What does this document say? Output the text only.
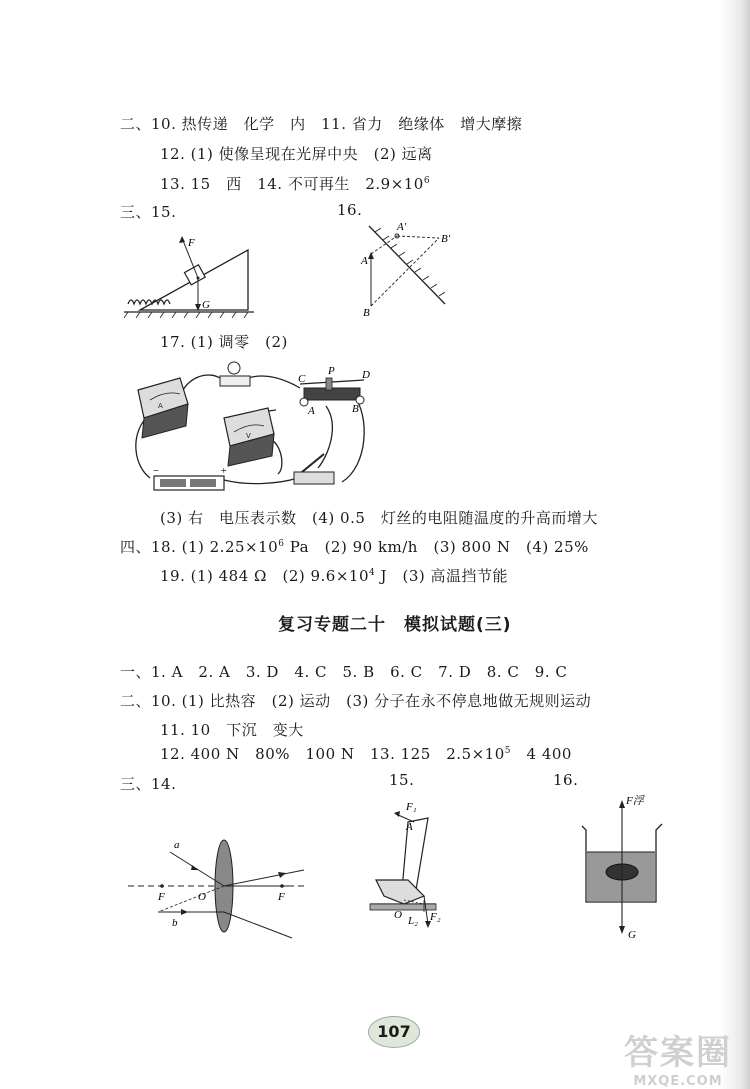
二、10. 热传递　化学　内　11. 省力　绝缘体　增大摩擦
12. (1) 使像呈现在光屏中央　(2) 远离
13. 15　西　14. 不可再生　$2.9\times 10^6$
三、15.	16.
F
G
A′
B′
A
B
17. (1) 调零　(2)
A
V
C
P D
A	B
−	+
(3) 右　电压表示数　(4) 0.5　灯丝的电阻随温度的升高而增大
四、18. (1) $2.25\times 10^6$ Pa　(2) 90 km/h　(3) 800 N　(4) 25%
19. (1) 484 Ω　(2) $9.6\times 10^4$ J　(3) 高温挡节能
复习专题二十　模拟试题(三)
一、1. A　2. A　3. D　4. C　5. B　6. C　7. D　8. C　9. C
二、10. (1) 比热容　(2) 运动　(3) 分子在永不停息地做无规则运动
11. 10　下沉　变大
12. 400 N　80%　100 N　13. 125　$2.5\times 10^5$　4 400
三、14.	15.	16.
a
b
F	O	F
F₁
A
O L₂ F₂
F浮
G
107
答案圈
MXQE.COM
